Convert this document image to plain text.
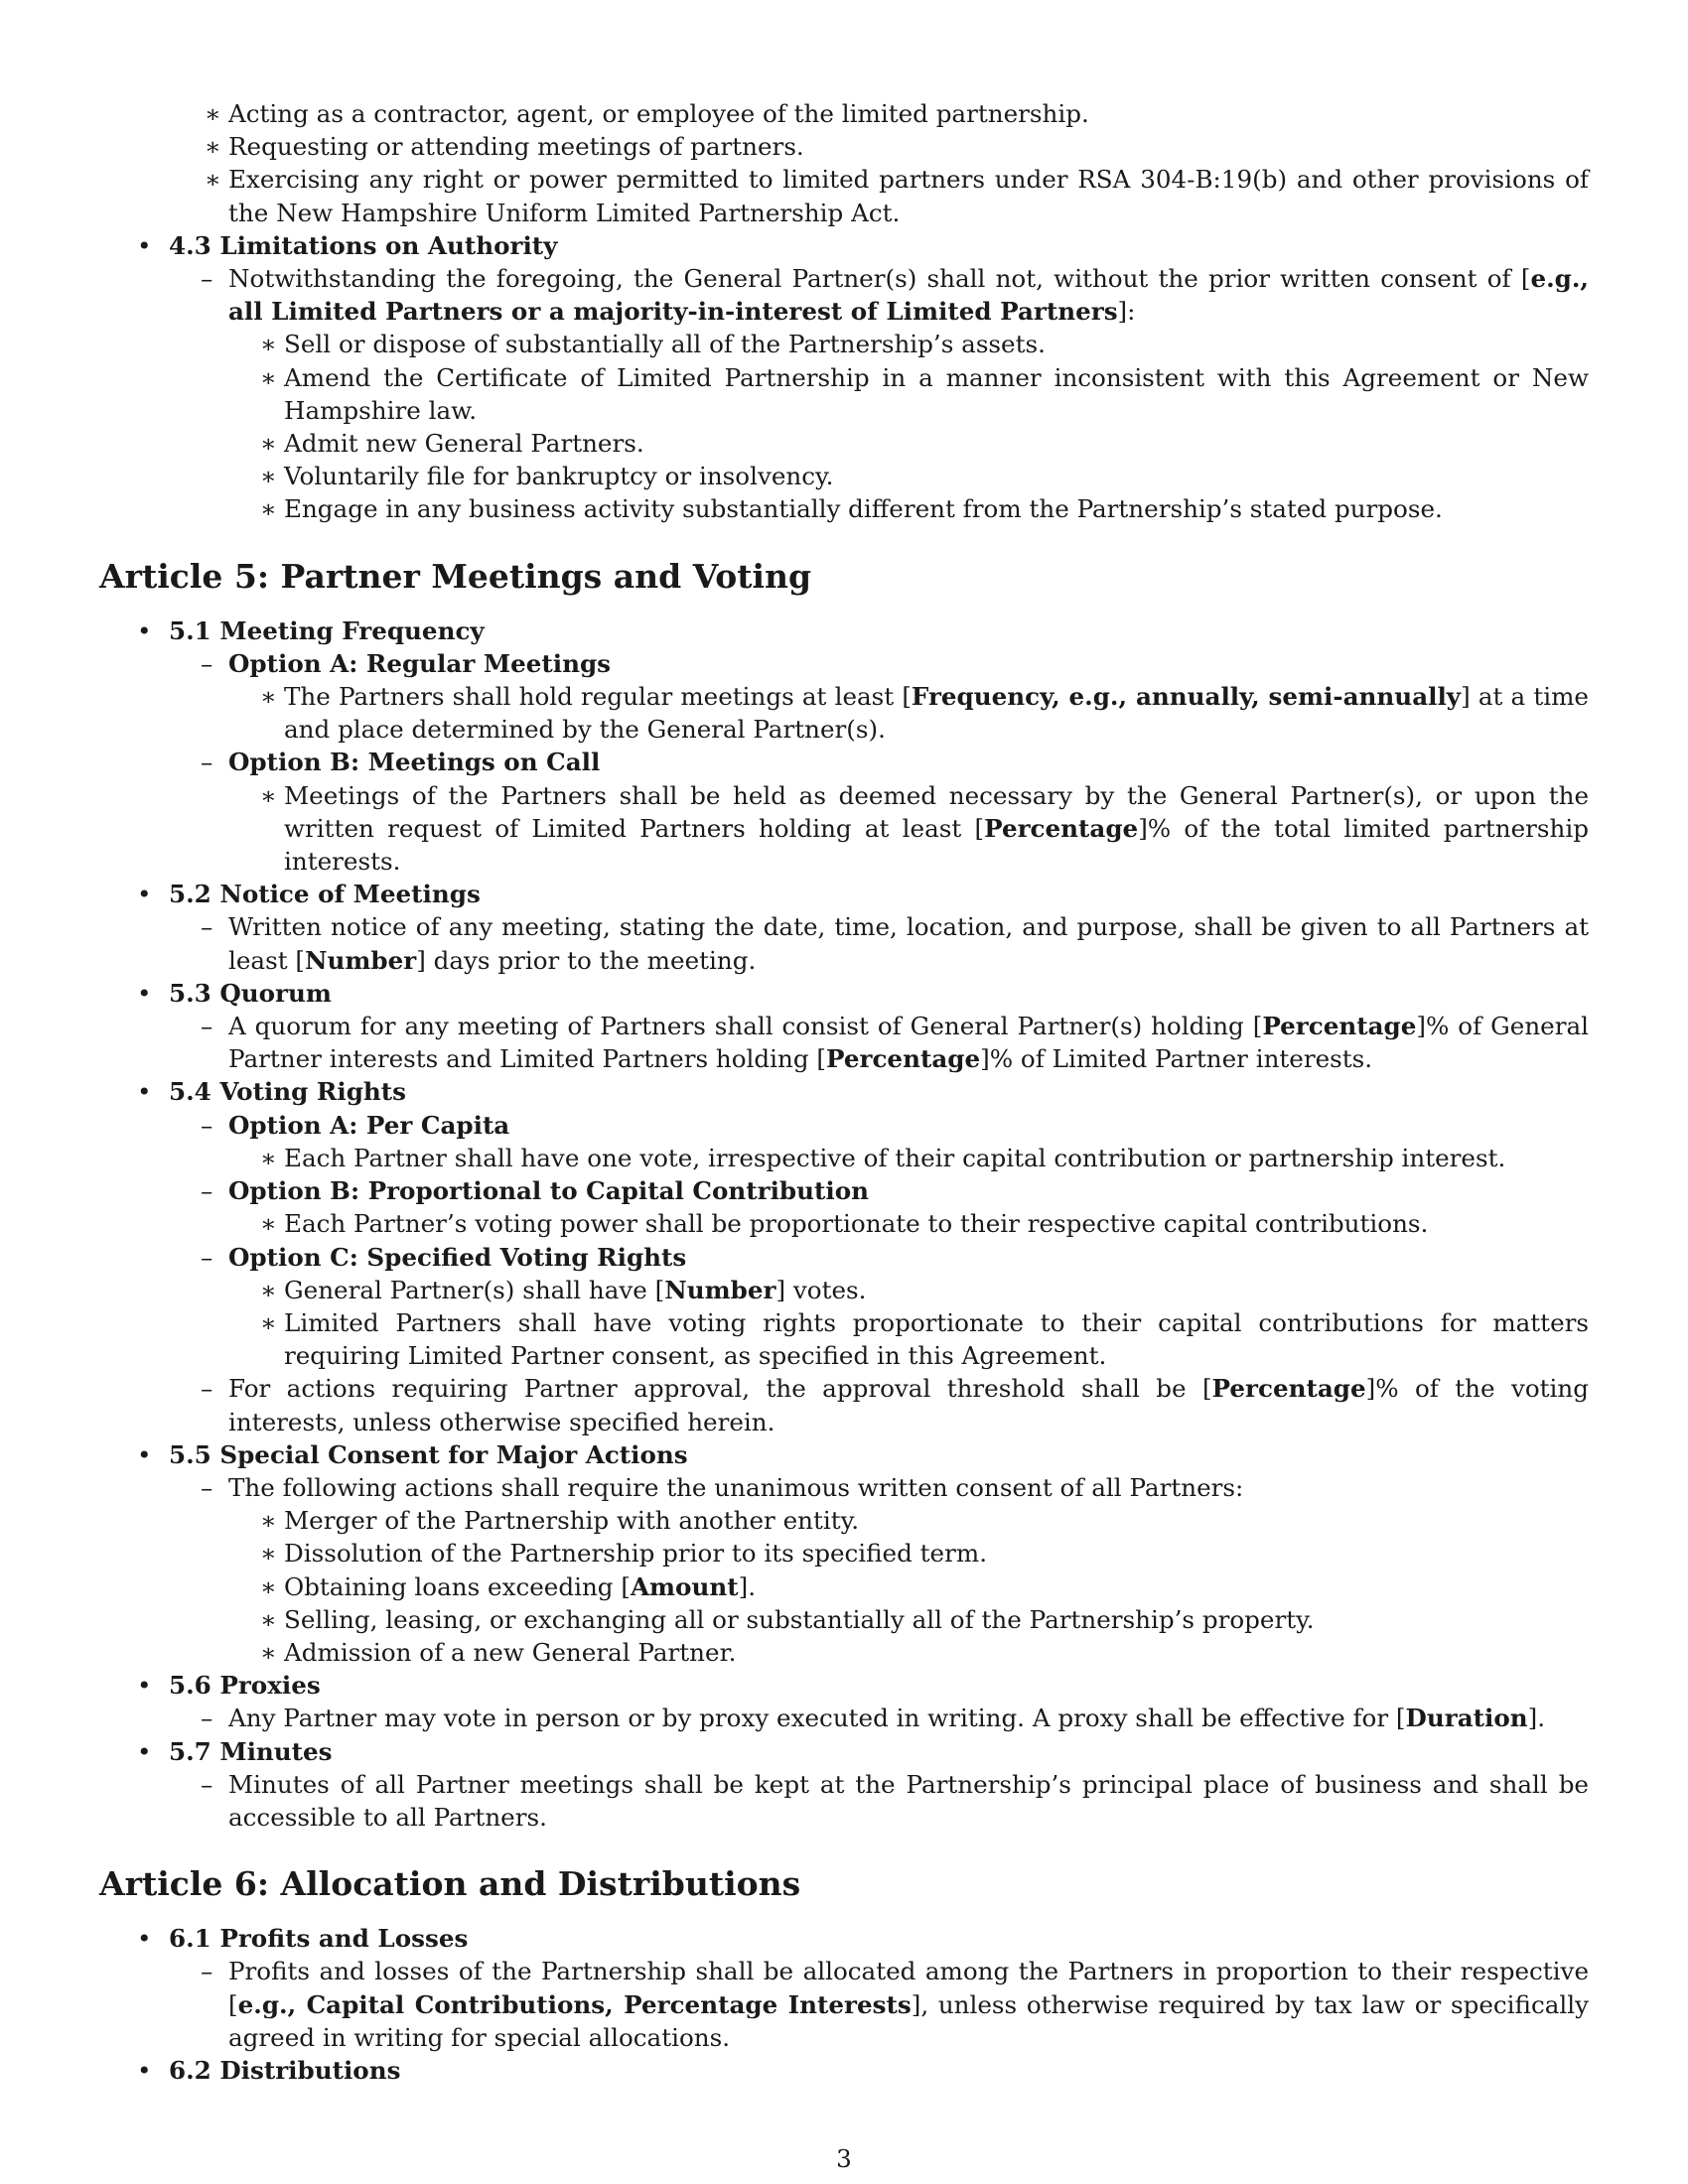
∗ Acting as a contractor, agent, or employee of the limited partnership.
∗ Requesting or attending meetings of partners.
∗ Exercising any right or power permitted to limited partners under RSA 304-B:19(b) and other provisions of the New Hampshire Uniform Limited Partnership Act.
• 4.3 Limitations on Authority
– Notwithstanding the foregoing, the General Partner(s) shall not, without the prior written consent of [e.g., all Limited Partners or a majority-in-interest of Limited Partners]:
∗ Sell or dispose of substantially all of the Partnership’s assets.
∗ Amend the Certificate of Limited Partnership in a manner inconsistent with this Agreement or New Hampshire law.
∗ Admit new General Partners.
∗ Voluntarily file for bankruptcy or insolvency.
∗ Engage in any business activity substantially different from the Partnership’s stated purpose.
Article 5: Partner Meetings and Voting
• 5.1 Meeting Frequency
– Option A: Regular Meetings
∗ The Partners shall hold regular meetings at least [Frequency, e.g., annually, semi-annually] at a time and place determined by the General Partner(s).
– Option B: Meetings on Call
∗ Meetings of the Partners shall be held as deemed necessary by the General Partner(s), or upon the written request of Limited Partners holding at least [Percentage]% of the total limited partnership interests.
• 5.2 Notice of Meetings
– Written notice of any meeting, stating the date, time, location, and purpose, shall be given to all Partners at least [Number] days prior to the meeting.
• 5.3 Quorum
– A quorum for any meeting of Partners shall consist of General Partner(s) holding [Percentage]% of General Partner interests and Limited Partners holding [Percentage]% of Limited Partner interests.
• 5.4 Voting Rights
– Option A: Per Capita
∗ Each Partner shall have one vote, irrespective of their capital contribution or partnership interest.
– Option B: Proportional to Capital Contribution
∗ Each Partner’s voting power shall be proportionate to their respective capital contributions.
– Option C: Specified Voting Rights
∗ General Partner(s) shall have [Number] votes.
∗ Limited Partners shall have voting rights proportionate to their capital contributions for matters requiring Limited Partner consent, as specified in this Agreement.
– For actions requiring Partner approval, the approval threshold shall be [Percentage]% of the voting interests, unless otherwise specified herein.
• 5.5 Special Consent for Major Actions
– The following actions shall require the unanimous written consent of all Partners:
∗ Merger of the Partnership with another entity.
∗ Dissolution of the Partnership prior to its specified term.
∗ Obtaining loans exceeding [Amount].
∗ Selling, leasing, or exchanging all or substantially all of the Partnership’s property.
∗ Admission of a new General Partner.
• 5.6 Proxies
– Any Partner may vote in person or by proxy executed in writing. A proxy shall be effective for [Duration].
• 5.7 Minutes
– Minutes of all Partner meetings shall be kept at the Partnership’s principal place of business and shall be accessible to all Partners.
Article 6: Allocation and Distributions
• 6.1 Profits and Losses
– Profits and losses of the Partnership shall be allocated among the Partners in proportion to their respective [e.g., Capital Contributions, Percentage Interests], unless otherwise required by tax law or specifically agreed in writing for special allocations.
• 6.2 Distributions
3
